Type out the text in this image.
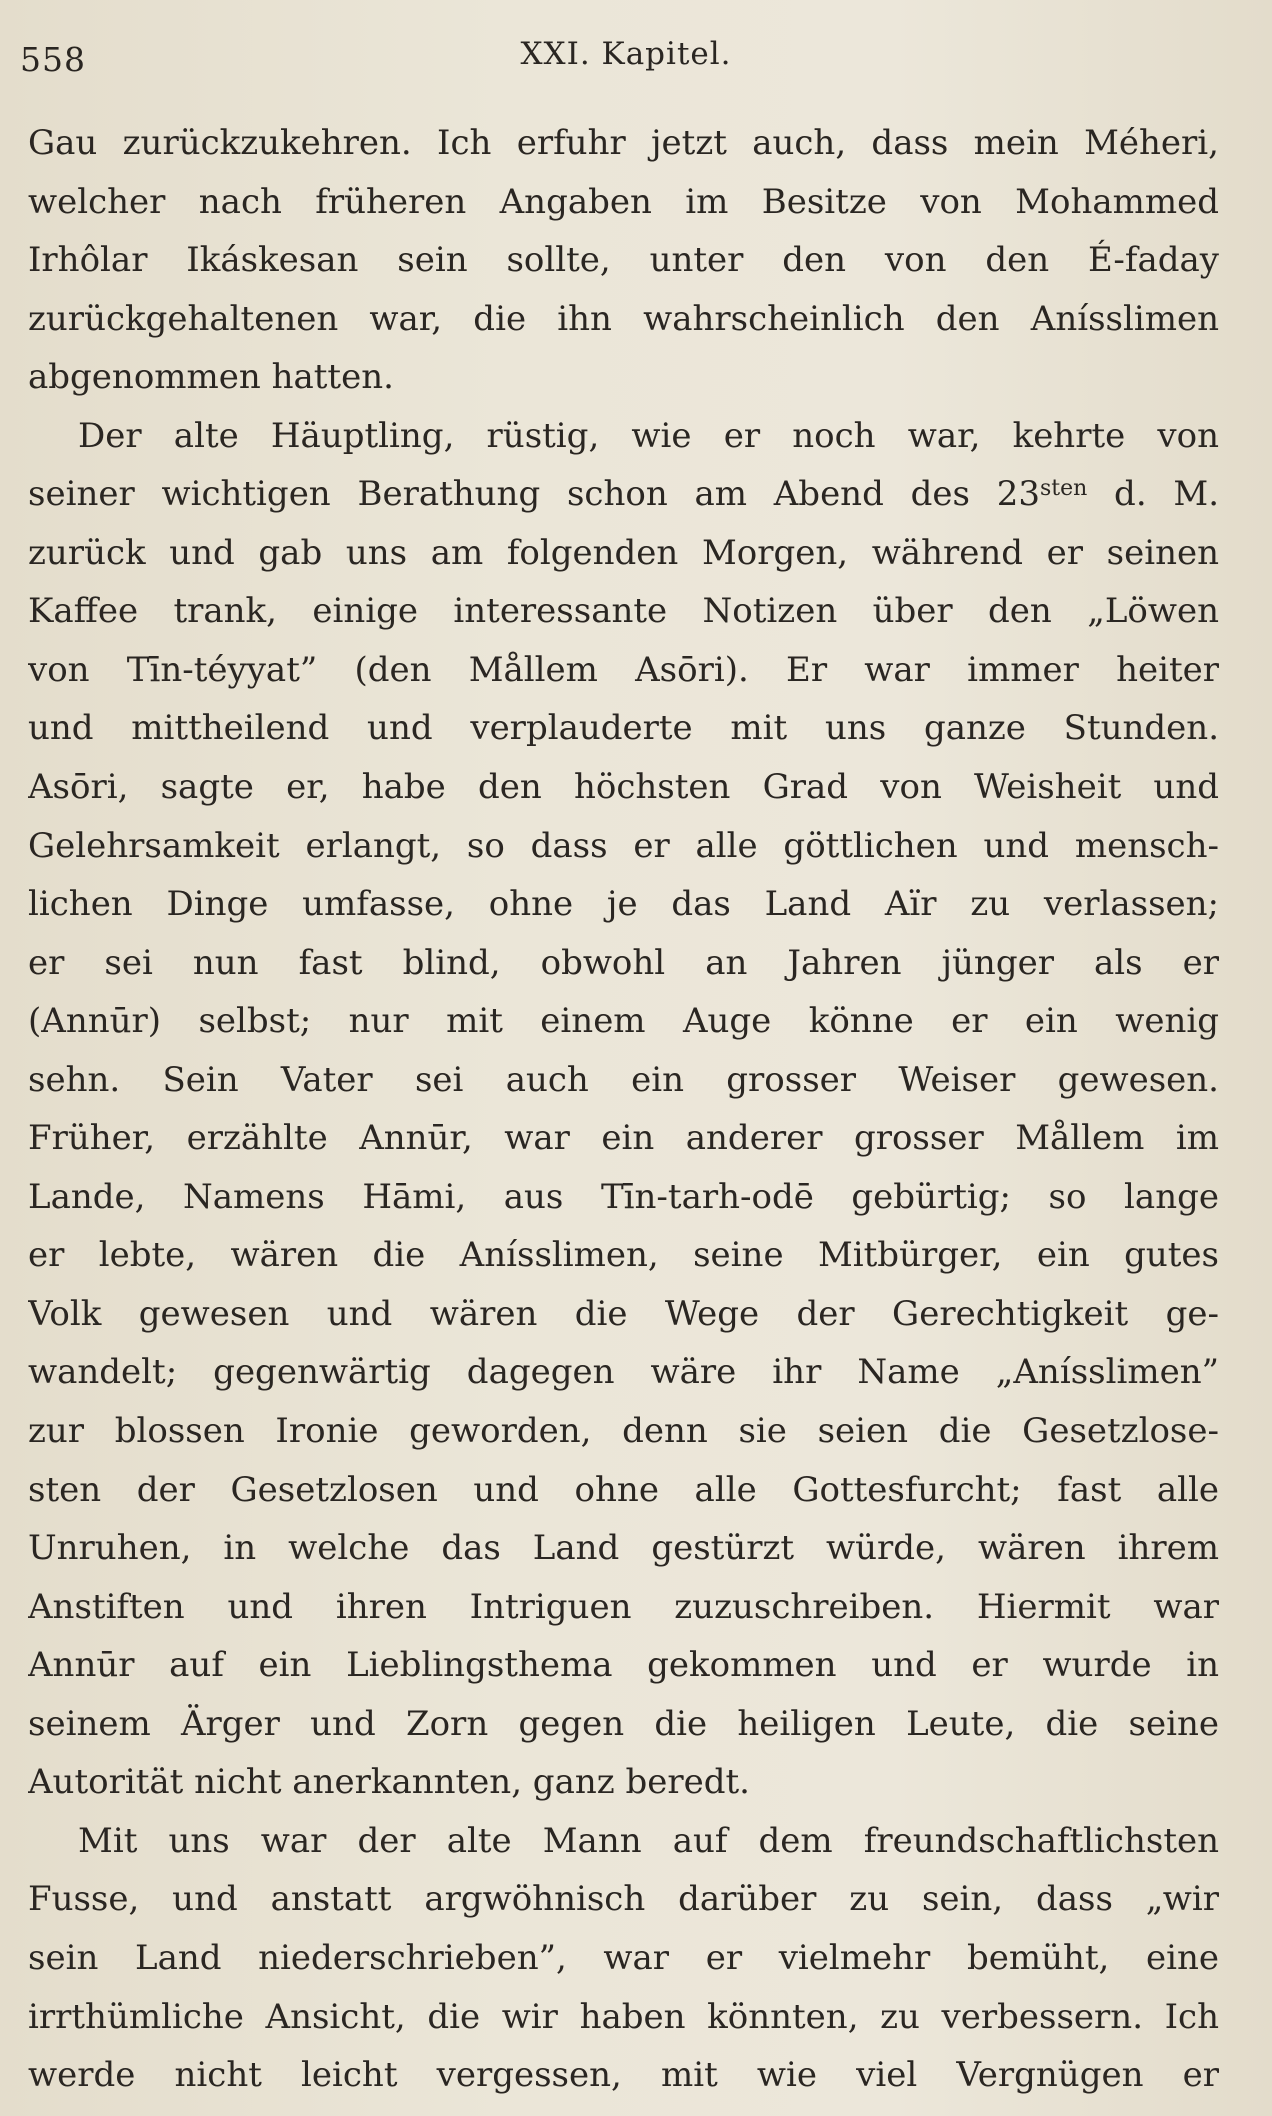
558	XXI. Kapitel.
Gau zurückzukehren. Ich erfuhr jetzt auch, dass mein Méheri,
welcher nach früheren Angaben im Besitze von Mohammed
Irhôlar Ikáskesan sein sollte, unter den von den É-faday
zurückgehaltenen war, die ihn wahrscheinlich den Anísslimen
abgenommen hatten.
Der alte Häuptling, rüstig, wie er noch war, kehrte von
seiner wichtigen Berathung schon am Abend des $23^{sten}$ d. M.
zurück und gab uns am folgenden Morgen, während er seinen
Kaffee trank, einige interessante Notizen über den „Löwen
von Tīn-téyyat” (den Mållem Asōri). Er war immer heiter
und mittheilend und verplauderte mit uns ganze Stunden.
Asōri, sagte er, habe den höchsten Grad von Weisheit und
Gelehrsamkeit erlangt, so dass er alle göttlichen und mensch-
lichen Dinge umfasse, ohne je das Land Aïr zu verlassen;
er sei nun fast blind, obwohl an Jahren jünger als er
(Annūr) selbst; nur mit einem Auge könne er ein wenig
sehn. Sein Vater sei auch ein grosser Weiser gewesen.
Früher, erzählte Annūr, war ein anderer grosser Mållem im
Lande, Namens Hāmi, aus Tīn-tarh-odē gebürtig; so lange
er lebte, wären die Anísslimen, seine Mitbürger, ein gutes
Volk gewesen und wären die Wege der Gerechtigkeit ge-
wandelt; gegenwärtig dagegen wäre ihr Name „Anísslimen”
zur blossen Ironie geworden, denn sie seien die Gesetzlose-
sten der Gesetzlosen und ohne alle Gottesfurcht; fast alle
Unruhen, in welche das Land gestürzt würde, wären ihrem
Anstiften und ihren Intriguen zuzuschreiben. Hiermit war
Annūr auf ein Lieblingsthema gekommen und er wurde in
seinem Ärger und Zorn gegen die heiligen Leute, die seine
Autorität nicht anerkannten, ganz beredt.
Mit uns war der alte Mann auf dem freundschaftlichsten
Fusse, und anstatt argwöhnisch darüber zu sein, dass „wir
sein Land niederschrieben”, war er vielmehr bemüht, eine
irrthümliche Ansicht, die wir haben könnten, zu verbessern. Ich
werde nicht leicht vergessen, mit wie viel Vergnügen er
